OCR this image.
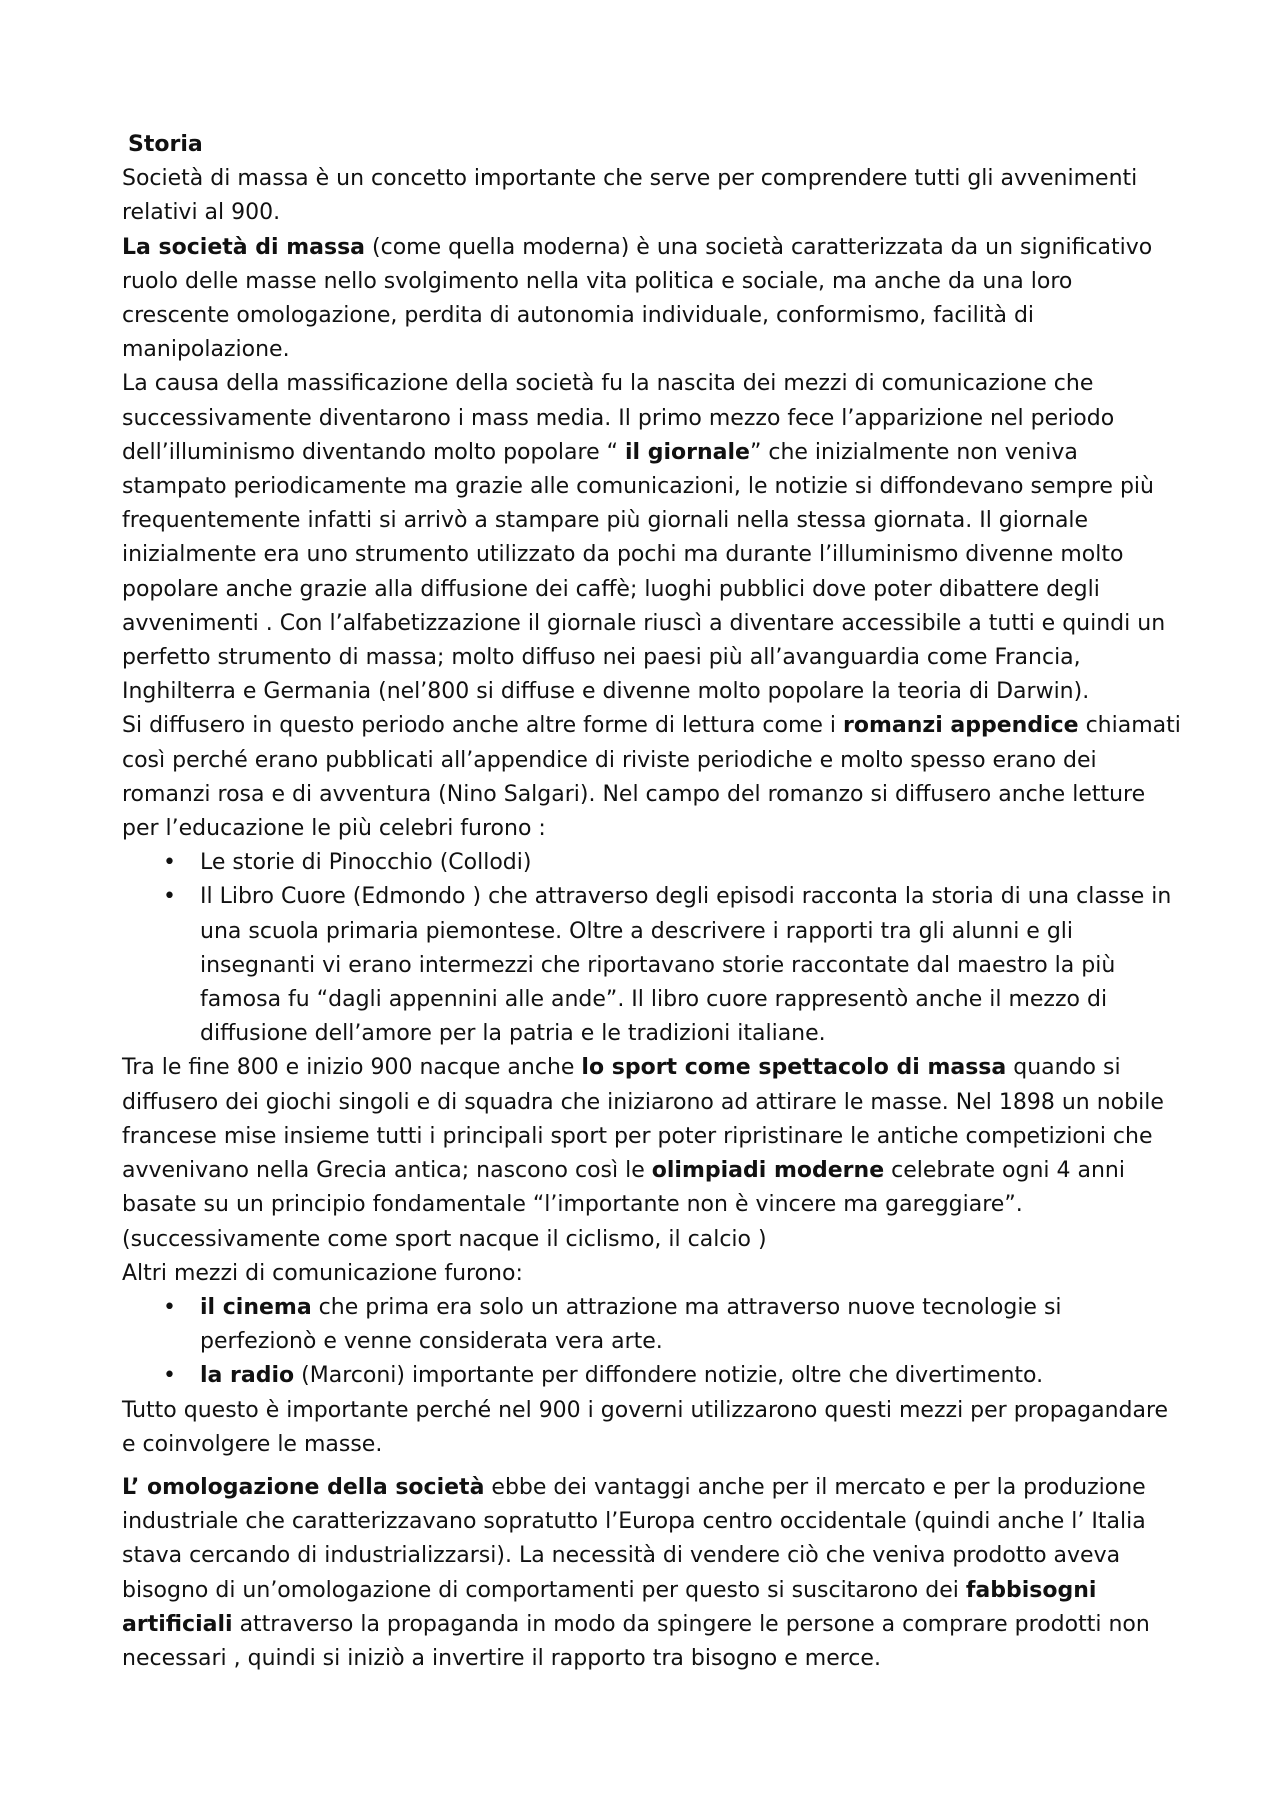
Storia

Società di massa è un concetto importante che serve per comprendere tutti gli avvenimenti relativi al 900.

La società di massa (come quella moderna) è una società caratterizzata da un significativo ruolo delle masse nello svolgimento nella vita politica e sociale, ma anche da una loro crescente omologazione, perdita di autonomia individuale, conformismo, facilità di manipolazione.

La causa della massificazione della società fu la nascita dei mezzi di comunicazione che successivamente diventarono i mass media. Il primo mezzo fece l’apparizione nel periodo dell’illuminismo diventando molto popolare “ il giornale” che inizialmente non veniva stampato periodicamente ma grazie alle comunicazioni, le notizie si diffondevano sempre più frequentemente infatti si arrivò a stampare più giornali nella stessa giornata. Il giornale inizialmente era uno strumento utilizzato da pochi ma durante l’illuminismo divenne molto popolare anche grazie alla diffusione dei caffè; luoghi pubblici dove poter dibattere degli avvenimenti . Con l’alfabetizzazione il giornale riuscì a diventare accessibile a tutti e quindi un perfetto strumento di massa; molto diffuso nei paesi più all’avanguardia come Francia, Inghilterra e Germania (nel’800 si diffuse e divenne molto popolare la teoria di Darwin).

Si diffusero in questo periodo anche altre forme di lettura come i romanzi appendice chiamati così perché erano pubblicati all’appendice di riviste periodiche e molto spesso erano dei romanzi rosa e di avventura (Nino Salgari). Nel campo del romanzo si diffusero anche letture per l’educazione le più celebri furono :

• Le storie di Pinocchio (Collodi)
• Il Libro Cuore (Edmondo ) che attraverso degli episodi racconta la storia di una classe in una scuola primaria piemontese. Oltre a descrivere i rapporti tra gli alunni e gli insegnanti vi erano intermezzi che riportavano storie raccontate dal maestro la più famosa fu “dagli appennini alle ande”. Il libro cuore rappresentò anche il mezzo di diffusione dell’amore per la patria e le tradizioni italiane.

Tra le fine 800 e inizio 900 nacque anche lo sport come spettacolo di massa quando si diffusero dei giochi singoli e di squadra che iniziarono ad attirare le masse. Nel 1898 un nobile francese mise insieme tutti i principali sport per poter ripristinare le antiche competizioni che avvenivano nella Grecia antica; nascono così le olimpiadi moderne celebrate ogni 4 anni basate su un principio fondamentale “l’importante non è vincere ma gareggiare”.(successivamente come sport nacque il ciclismo, il calcio )

Altri mezzi di comunicazione furono:

• il cinema che prima era solo un attrazione ma attraverso nuove tecnologie si perfezionò e venne considerata vera arte.
• la radio (Marconi) importante per diffondere notizie, oltre che divertimento.

Tutto questo è importante perché nel 900 i governi utilizzarono questi mezzi per propagandare e coinvolgere le masse.

L’ omologazione della società ebbe dei vantaggi anche per il mercato e per la produzione industriale che caratterizzavano sopratutto l’Europa centro occidentale (quindi anche l’ Italia stava cercando di industrializzarsi). La necessità di vendere ciò che veniva prodotto aveva bisogno di un’omologazione di comportamenti per questo si suscitarono dei fabbisogni artificiali attraverso la propaganda in modo da spingere le persone a comprare prodotti non necessari , quindi si iniziò a invertire il rapporto tra bisogno e merce.
